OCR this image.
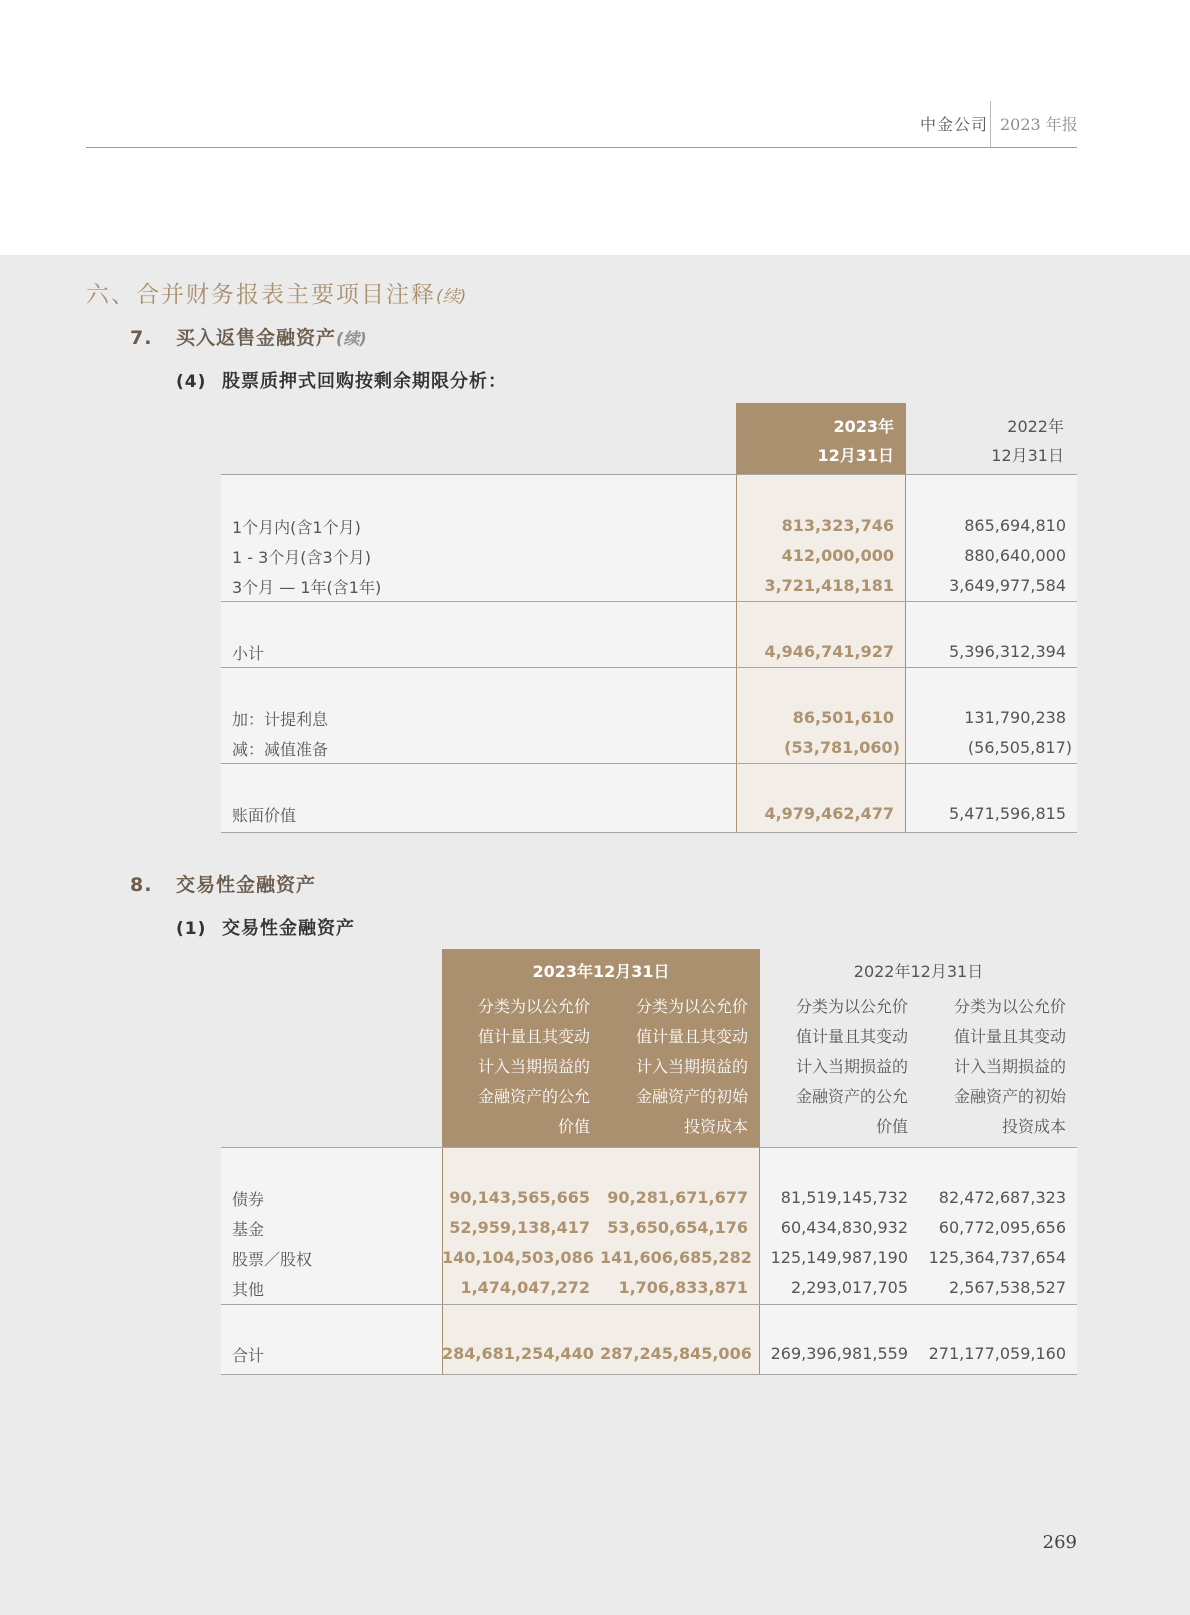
中金公司 2023 年报
六、合并财务报表主要项目注释(续)
7. 买入返售金融资产(续)
(4) 股票质押式回购按剩余期限分析：
2023年
12月31日
2022年
12月31日
1个月内(含1个月)	813,323,746	865,694,810
1 - 3个月(含3个月)	412,000,000	880,640,000
3个月 — 1年(含1年)	3,721,418,181	3,649,977,584
小计	4,946,741,927	5,396,312,394
加：计提利息	86,501,610	131,790,238
减：减值准备	(53,781,060)	(56,505,817)
账面价值	4,979,462,477	5,471,596,815
8. 交易性金融资产
(1) 交易性金融资产
2023年12月31日	2022年12月31日
分类为以公允价
值计量且其变动
计入当期损益的
金融资产的公允
价值
分类为以公允价
值计量且其变动
计入当期损益的
金融资产的初始
投资成本
分类为以公允价
值计量且其变动
计入当期损益的
金融资产的公允
价值
分类为以公允价
值计量且其变动
计入当期损益的
金融资产的初始
投资成本
债券	90,143,565,665	90,281,671,677	81,519,145,732	82,472,687,323
基金	52,959,138,417	53,650,654,176	60,434,830,932	60,772,095,656
股票／股权	140,104,503,086 141,606,685,282	125,149,987,190	125,364,737,654
其他	1,474,047,272	1,706,833,871	2,293,017,705	2,567,538,527
合计	284,681,254,440 287,245,845,006	269,396,981,559	271,177,059,160
269
